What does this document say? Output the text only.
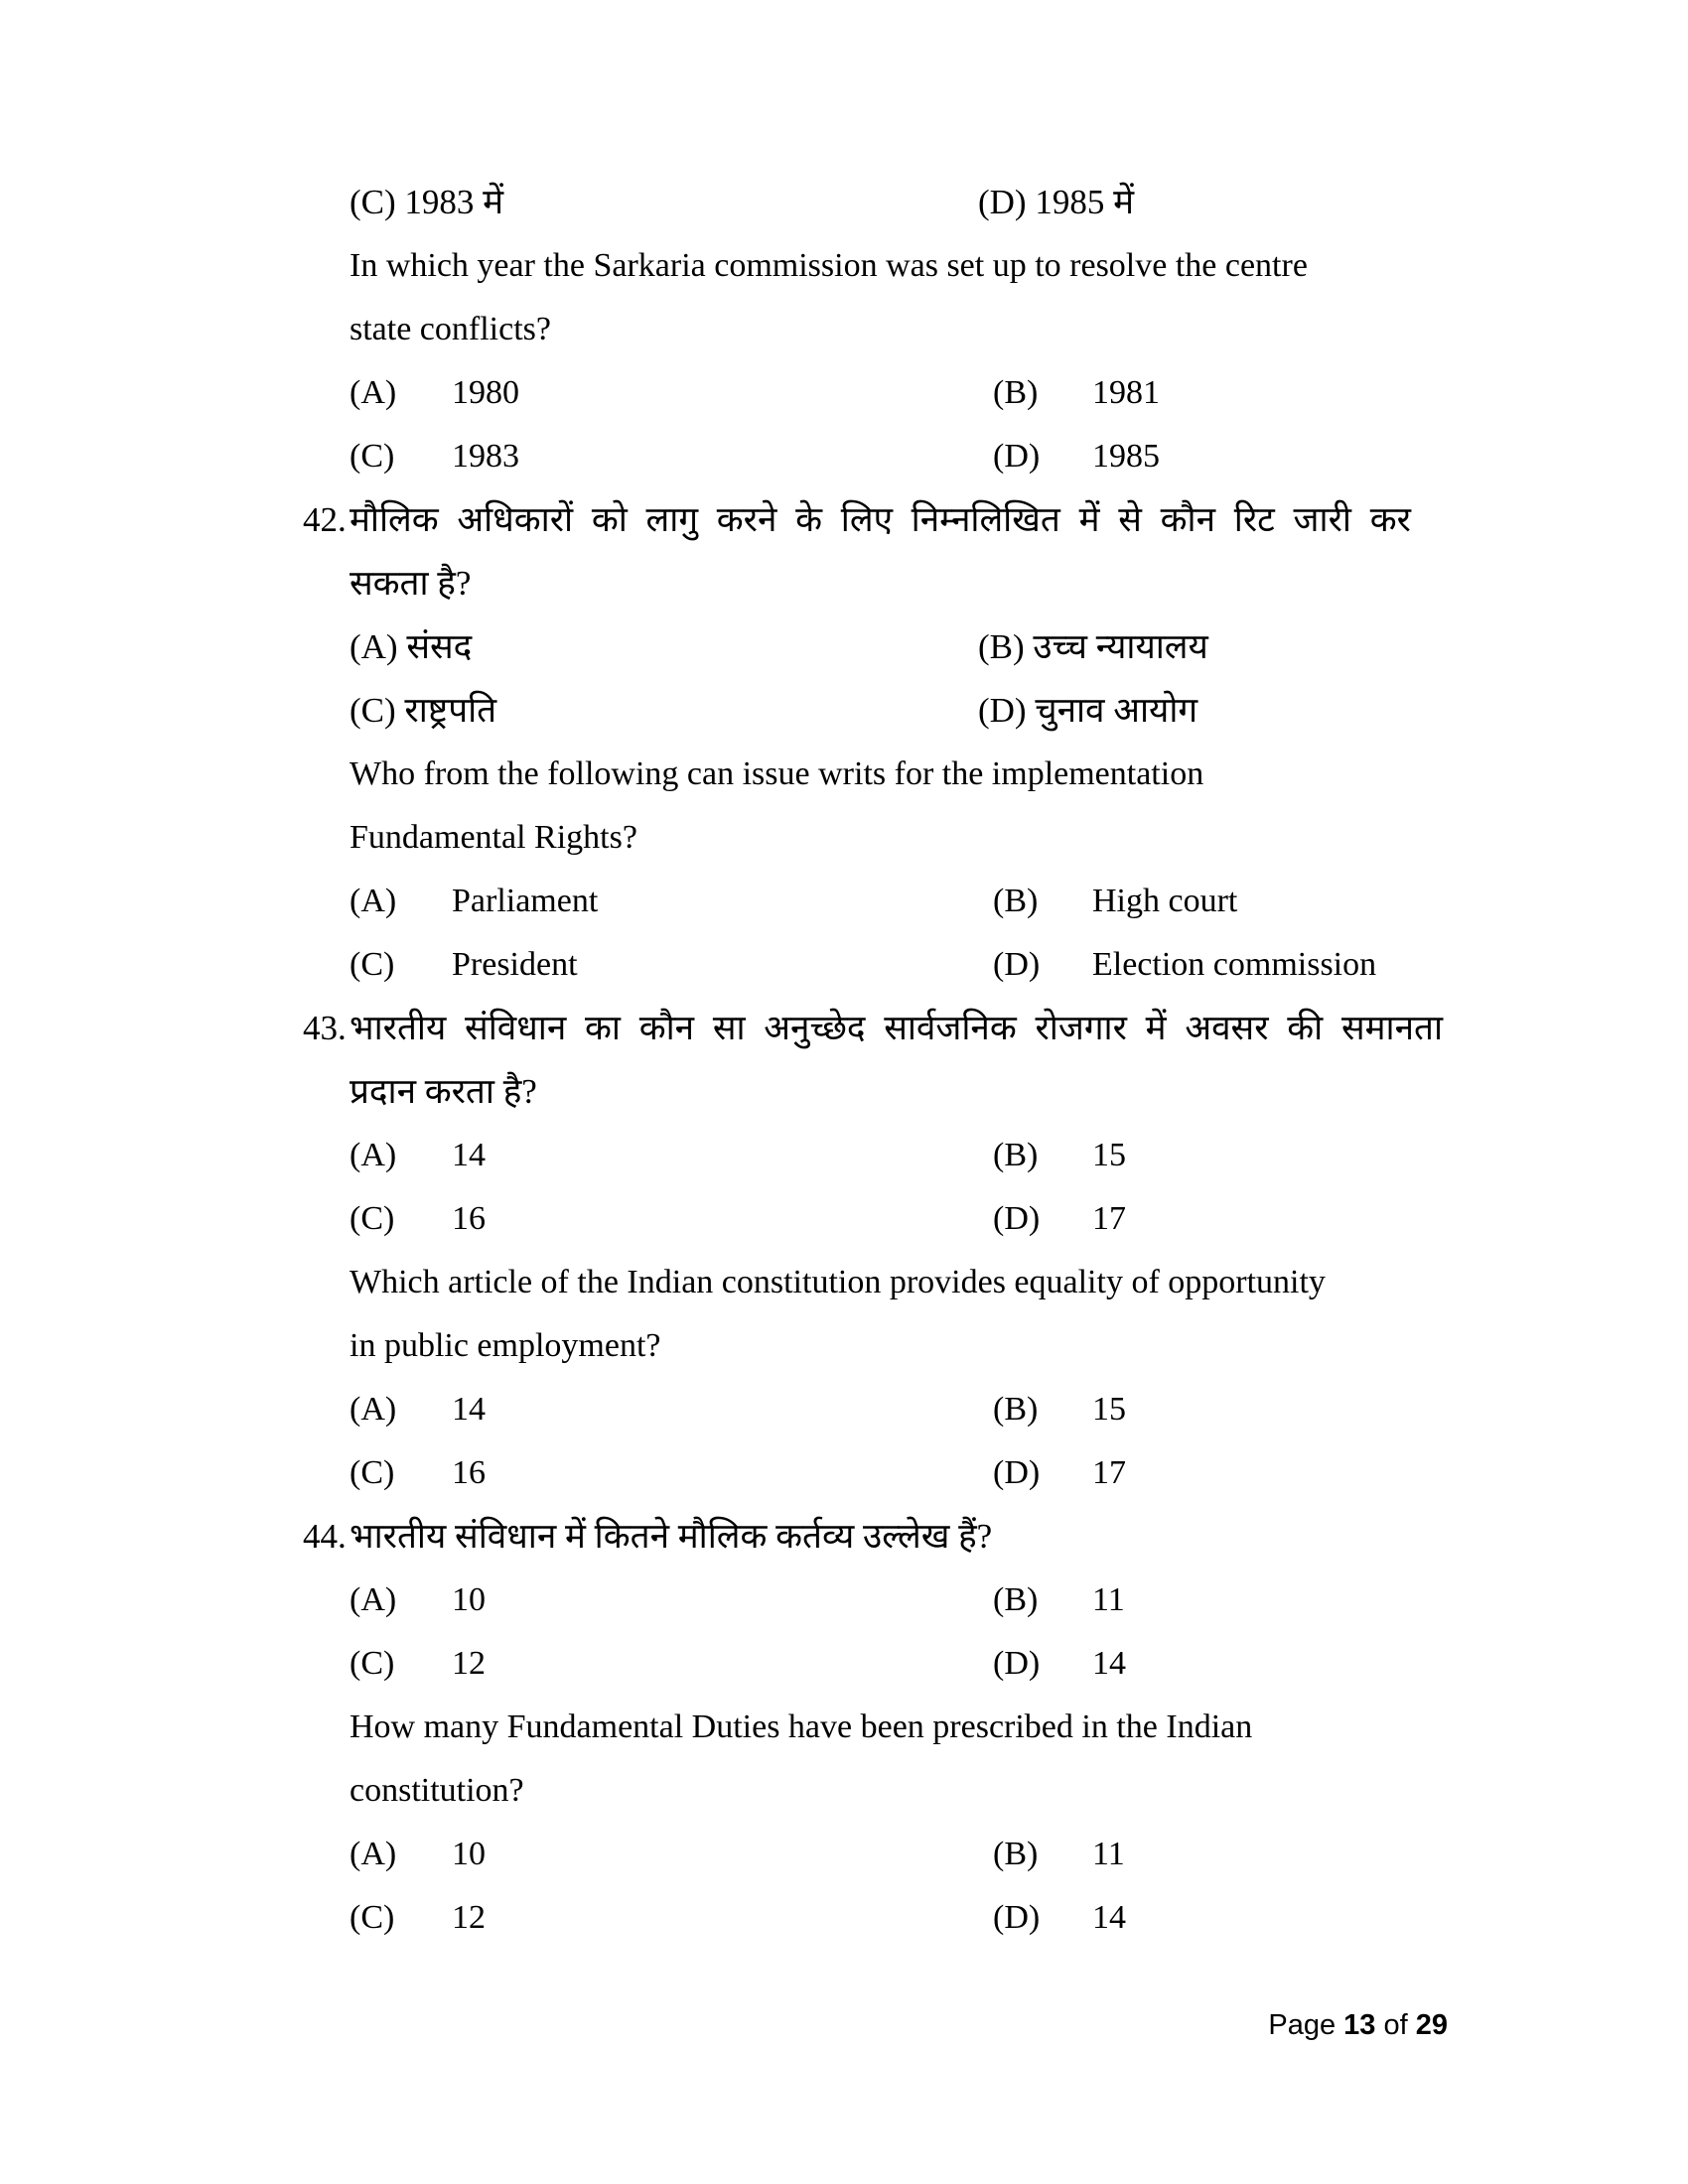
(C) 1983 में	(D) 1985 में
In which year the Sarkaria commission was set up to resolve the centre
state conflicts?
(A) 1980	(B) 1981
(C) 1983	(D) 1985
42. मौलिक अधिकारों को लागु करने के लिए निम्नलिखित में से कौन रिट जारी कर
सकता है?
(A) संसद	(B) उच्च न्यायालय
(C) राष्ट्रपति	(D) चुनाव आयोग
Who from the following can issue writs for the implementation
Fundamental Rights?
(A) Parliament	(B) High court
(C) President	(D) Election commission
43. भारतीय संविधान का कौन सा अनुच्छेद सार्वजनिक रोजगार में अवसर की समानता
प्रदान करता है?
(A) 14	(B) 15
(C) 16	(D) 17
Which article of the Indian constitution provides equality of opportunity
in public employment?
(A) 14	(B) 15
(C) 16	(D) 17
44. भारतीय संविधान में कितने मौलिक कर्तव्य उल्लेख हैं?
(A) 10	(B) 11
(C) 12	(D) 14
How many Fundamental Duties have been prescribed in the Indian
constitution?
(A) 10	(B) 11
(C) 12	(D) 14
Page 13 of 29
